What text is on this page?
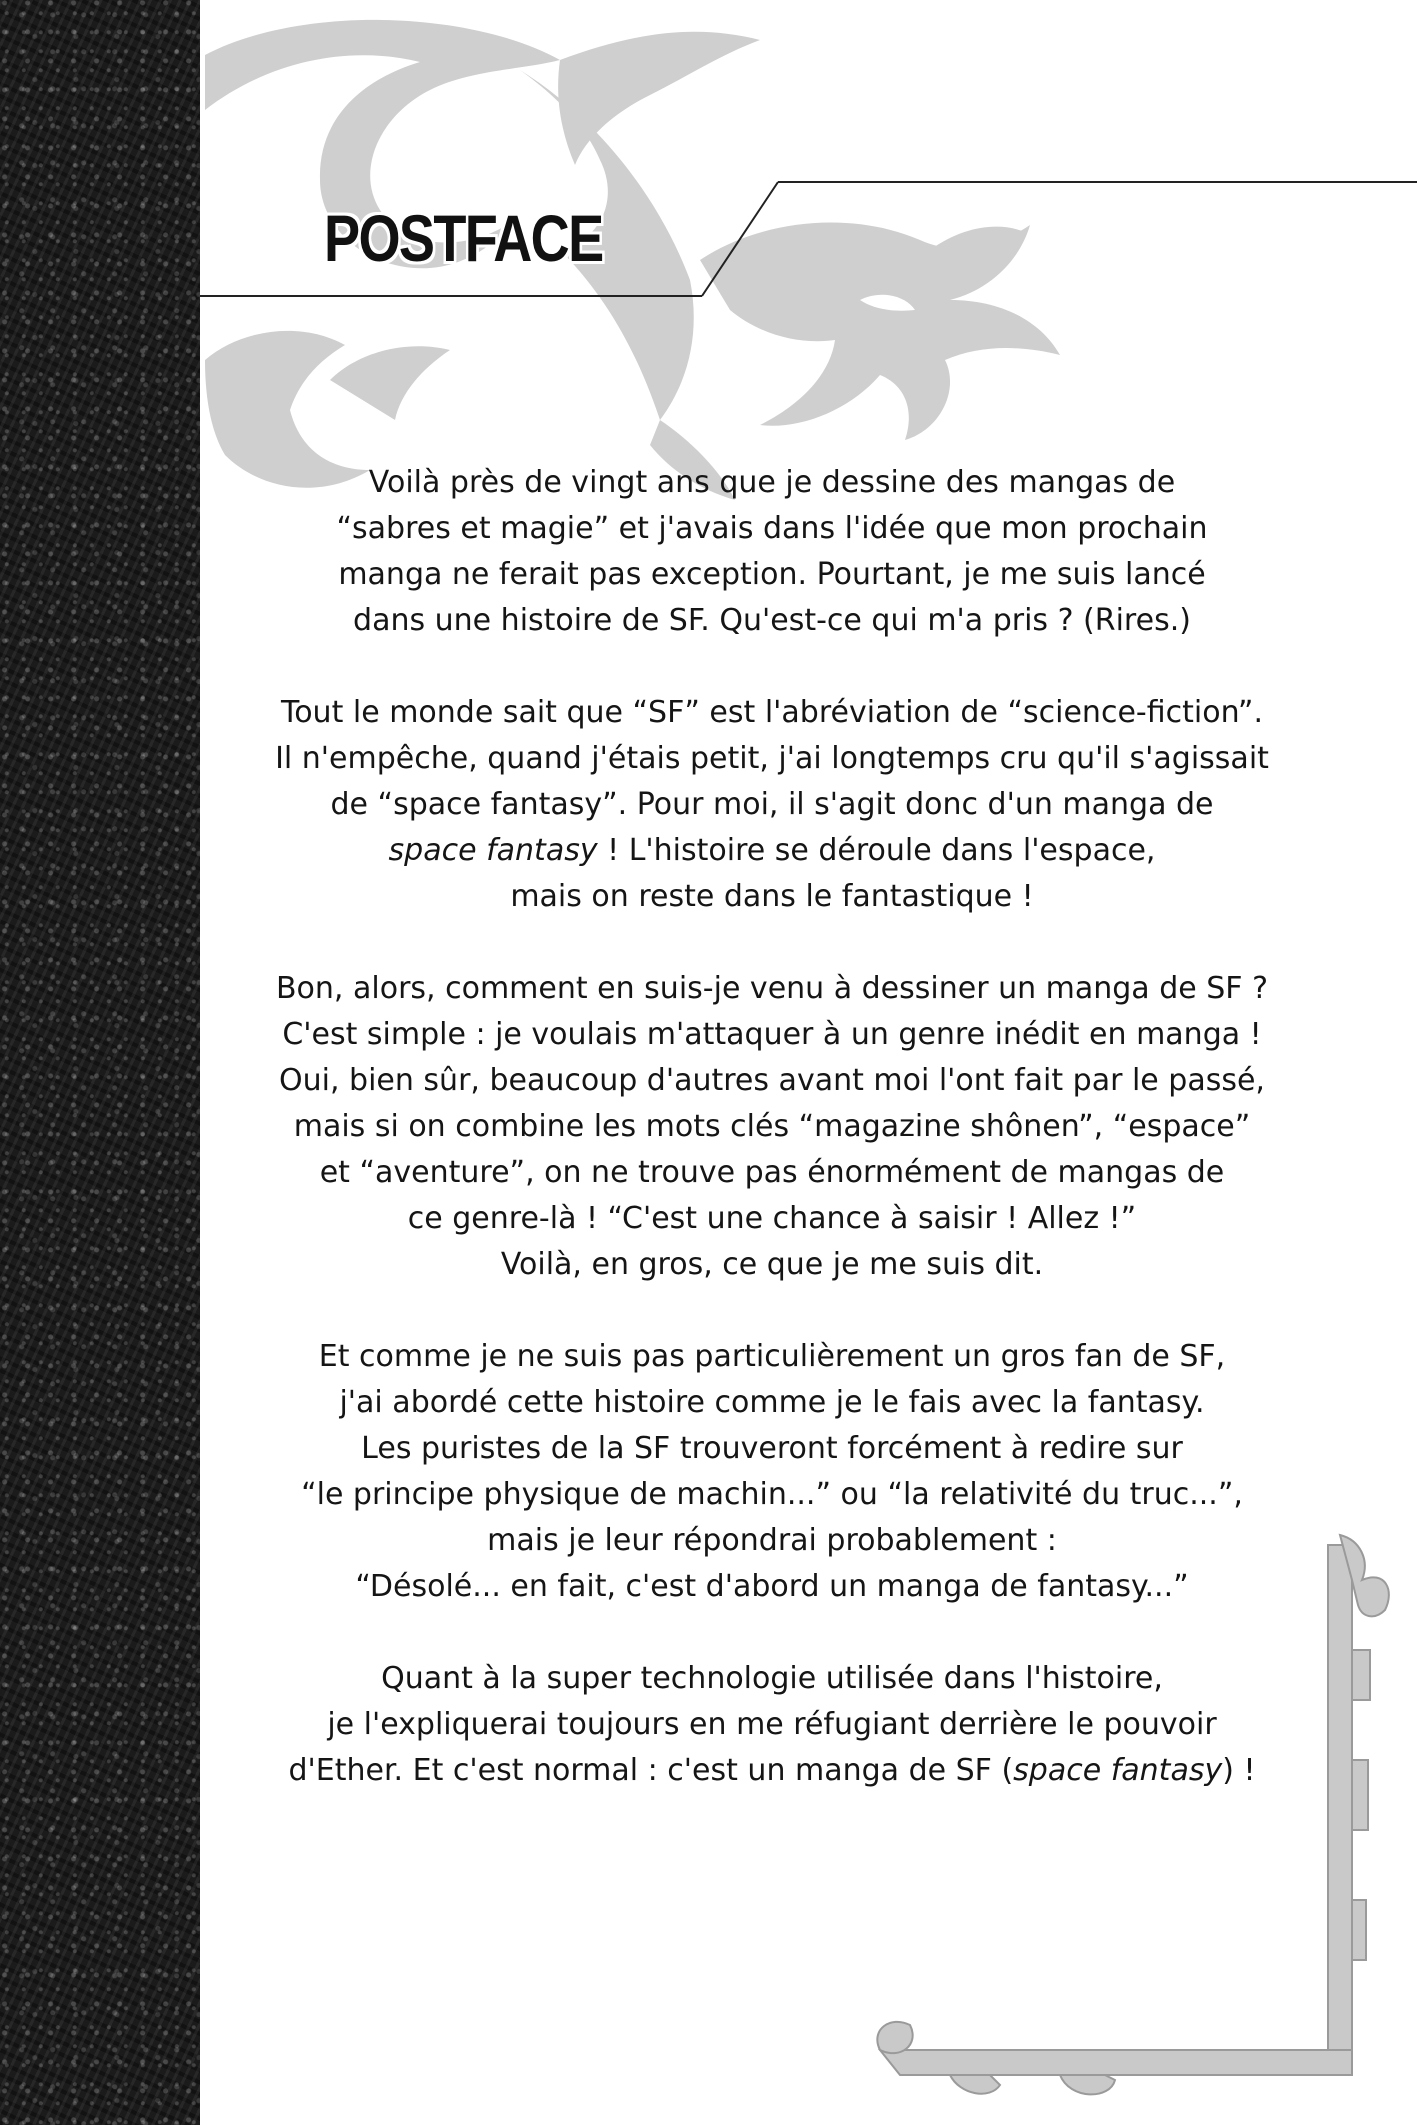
POSTFACE

Voilà près de vingt ans que je dessine des mangas de
“sabres et magie” et j'avais dans l'idée que mon prochain
manga ne ferait pas exception. Pourtant, je me suis lancé
dans une histoire de SF. Qu'est-ce qui m'a pris ? (Rires.)

Tout le monde sait que “SF” est l'abréviation de “science-fiction”.
Il n'empêche, quand j'étais petit, j'ai longtemps cru qu'il s'agissait
de “space fantasy”. Pour moi, il s'agit donc d'un manga de
space fantasy ! L'histoire se déroule dans l'espace,
mais on reste dans le fantastique !

Bon, alors, comment en suis-je venu à dessiner un manga de SF ?
C'est simple : je voulais m'attaquer à un genre inédit en manga !
Oui, bien sûr, beaucoup d'autres avant moi l'ont fait par le passé,
mais si on combine les mots clés “magazine shônen”, “espace”
et “aventure”, on ne trouve pas énormément de mangas de
ce genre-là ! “C'est une chance à saisir ! Allez !”
Voilà, en gros, ce que je me suis dit.

Et comme je ne suis pas particulièrement un gros fan de SF,
j'ai abordé cette histoire comme je le fais avec la fantasy.
Les puristes de la SF trouveront forcément à redire sur
“le principe physique de machin...” ou “la relativité du truc...”,
mais je leur répondrai probablement :
“Désolé... en fait, c'est d'abord un manga de fantasy...”

Quant à la super technologie utilisée dans l'histoire,
je l'expliquerai toujours en me réfugiant derrière le pouvoir
d'Ether. Et c'est normal : c'est un manga de SF (space fantasy) !
